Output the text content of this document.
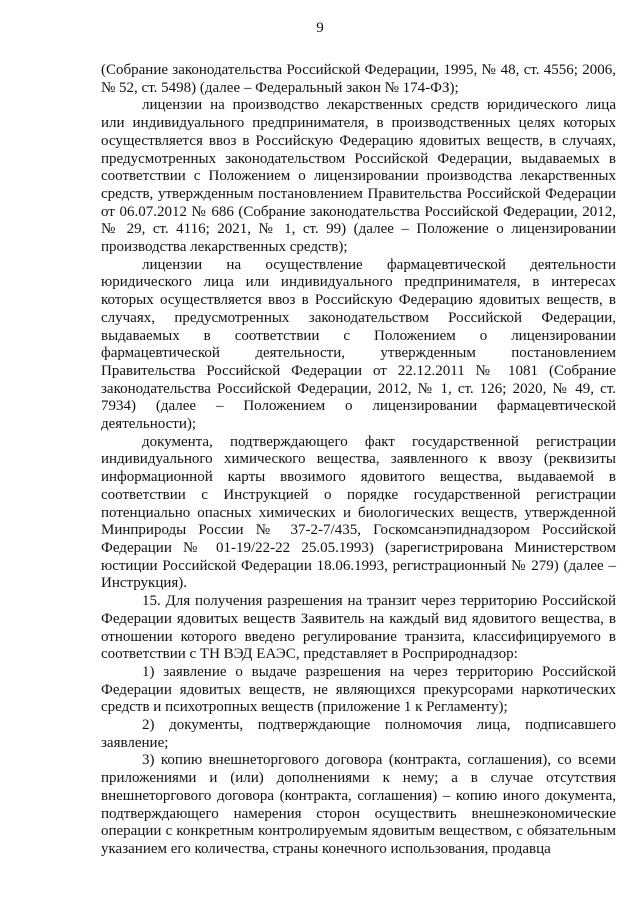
9

(Собрание законодательства Российской Федерации, 1995, № 48, ст. 4556; 2006, № 52, ст. 5498) (далее – Федеральный закон № 174-ФЗ);

лицензии на производство лекарственных средств юридического лица или индивидуального предпринимателя, в производственных целях которых осуществляется ввоз в Российскую Федерацию ядовитых веществ, в случаях, предусмотренных законодательством Российской Федерации, выдаваемых в соответствии с Положением о лицензировании производства лекарственных средств, утвержденным постановлением Правительства Российской Федерации от 06.07.2012 № 686 (Собрание законодательства Российской Федерации, 2012, № 29, ст. 4116; 2021, № 1, ст. 99) (далее – Положение о лицензировании производства лекарственных средств);

лицензии на осуществление фармацевтической деятельности юридического лица или индивидуального предпринимателя, в интересах которых осуществляется ввоз в Российскую Федерацию ядовитых веществ, в случаях, предусмотренных законодательством Российской Федерации, выдаваемых в соответствии с Положением о лицензировании фармацевтической деятельности, утвержденным постановлением Правительства Российской Федерации от 22.12.2011 № 1081 (Собрание законодательства Российской Федерации, 2012, № 1, ст. 126; 2020, № 49, ст. 7934) (далее – Положением о лицензировании фармацевтической деятельности);

документа, подтверждающего факт государственной регистрации индивидуального химического вещества, заявленного к ввозу (реквизиты информационной карты ввозимого ядовитого вещества, выдаваемой в соответствии с Инструкцией о порядке государственной регистрации потенциально опасных химических и биологических веществ, утвержденной Минприроды России № 37-2-7/435, Госкомсанэпиднадзором Российской Федерации № 01-19/22-22 25.05.1993) (зарегистрирована Министерством юстиции Российской Федерации 18.06.1993, регистрационный № 279) (далее – Инструкция).

15. Для получения разрешения на транзит через территорию Российской Федерации ядовитых веществ Заявитель на каждый вид ядовитого вещества, в отношении которого введено регулирование транзита, классифицируемого в соответствии с ТН ВЭД ЕАЭС, представляет в Росприроднадзор:

1) заявление о выдаче разрешения на через территорию Российской Федерации ядовитых веществ, не являющихся прекурсорами наркотических средств и психотропных веществ (приложение 1 к Регламенту);

2) документы, подтверждающие полномочия лица, подписавшего заявление;

3) копию внешнеторгового договора (контракта, соглашения), со всеми приложениями и (или) дополнениями к нему; а в случае отсутствия внешнеторгового договора (контракта, соглашения) – копию иного документа, подтверждающего намерения сторон осуществить внешнеэкономические операции с конкретным контролируемым ядовитым веществом, с обязательным указанием его количества, страны конечного использования, продавца
